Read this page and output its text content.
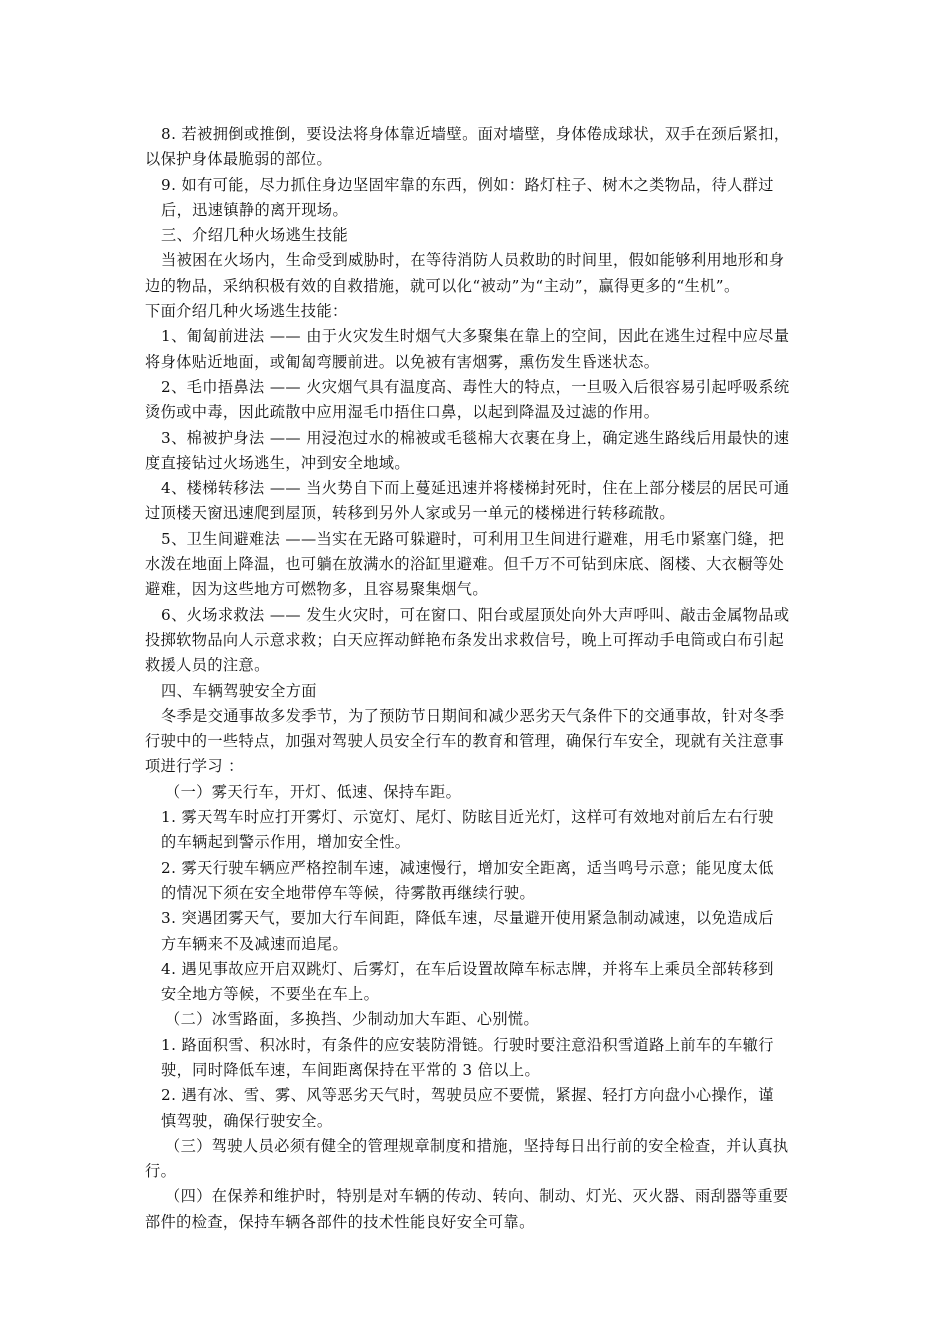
8. 若被拥倒或推倒，要设法将身体靠近墙壁。面对墙壁，身体倦成球状，双手在颈后紧扣，

以保护身体最脆弱的部位。

9. 如有可能，尽力抓住身边坚固牢靠的东西，例如：路灯柱子、树木之类物品，待人群过

后，迅速镇静的离开现场。

三、介绍几种火场逃生技能

当被困在火场内，生命受到威胁时，在等待消防人员救助的时间里，假如能够利用地形和身

边的物品，采纳积极有效的自救措施，就可以化“被动”为“主动”，赢得更多的“生机”。

下面介绍几种火场逃生技能：

1、匍匐前进法 —— 由于火灾发生时烟气大多聚集在靠上的空间，因此在逃生过程中应尽量

将身体贴近地面，或匍匐弯腰前进。以免被有害烟雾，熏伤发生昏迷状态。

2、毛巾捂鼻法 —— 火灾烟气具有温度高、毒性大的特点，一旦吸入后很容易引起呼吸系统

烫伤或中毒，因此疏散中应用湿毛巾捂住口鼻，以起到降温及过滤的作用。

3、棉被护身法 —— 用浸泡过水的棉被或毛毯棉大衣裹在身上，确定逃生路线后用最快的速

度直接钻过火场逃生，冲到安全地域。

4、楼梯转移法 —— 当火势自下而上蔓延迅速并将楼梯封死时，住在上部分楼层的居民可通

过顶楼天窗迅速爬到屋顶，转移到另外人家或另一单元的楼梯进行转移疏散。

5、卫生间避难法 ——当实在无路可躲避时，可利用卫生间进行避难，用毛巾紧塞门缝，把

水泼在地面上降温，也可躺在放满水的浴缸里避难。但千万不可钻到床底、阁楼、大衣橱等处

避难，因为这些地方可燃物多，且容易聚集烟气。

6、火场求救法 —— 发生火灾时，可在窗口、阳台或屋顶处向外大声呼叫、敲击金属物品或

投掷软物品向人示意求救；白天应挥动鲜艳布条发出求救信号，晚上可挥动手电筒或白布引起

救援人员的注意。

四、车辆驾驶安全方面

冬季是交通事故多发季节，为了预防节日期间和减少恶劣天气条件下的交通事故，针对冬季

行驶中的一些特点，加强对驾驶人员安全行车的教育和管理，确保行车安全，现就有关注意事

项进行学习 ：

（一）雾天行车，开灯、低速、保持车距。

1. 雾天驾车时应打开雾灯、示宽灯、尾灯、防眩目近光灯，这样可有效地对前后左右行驶

的车辆起到警示作用，增加安全性。

2. 雾天行驶车辆应严格控制车速，减速慢行，增加安全距离，适当鸣号示意；能见度太低

的情况下须在安全地带停车等候，待雾散再继续行驶。

3. 突遇团雾天气，要加大行车间距，降低车速，尽量避开使用紧急制动减速，以免造成后

方车辆来不及减速而追尾。

4. 遇见事故应开启双跳灯、后雾灯，在车后设置故障车标志牌，并将车上乘员全部转移到

安全地方等候，不要坐在车上。

（二）冰雪路面，多换挡、少制动加大车距、心别慌。

1. 路面积雪、积冰时，有条件的应安装防滑链。行驶时要注意沿积雪道路上前车的车辙行

驶，同时降低车速，车间距离保持在平常的 3 倍以上。

2. 遇有冰、雪、雾、风等恶劣天气时，驾驶员应不要慌，紧握、轻打方向盘小心操作，谨

慎驾驶，确保行驶安全。

（三）驾驶人员必须有健全的管理规章制度和措施，坚持每日出行前的安全检查，并认真执

行。

（四）在保养和维护时，特别是对车辆的传动、转向、制动、灯光、灭火器、雨刮器等重要

部件的检查，保持车辆各部件的技术性能良好安全可靠。
